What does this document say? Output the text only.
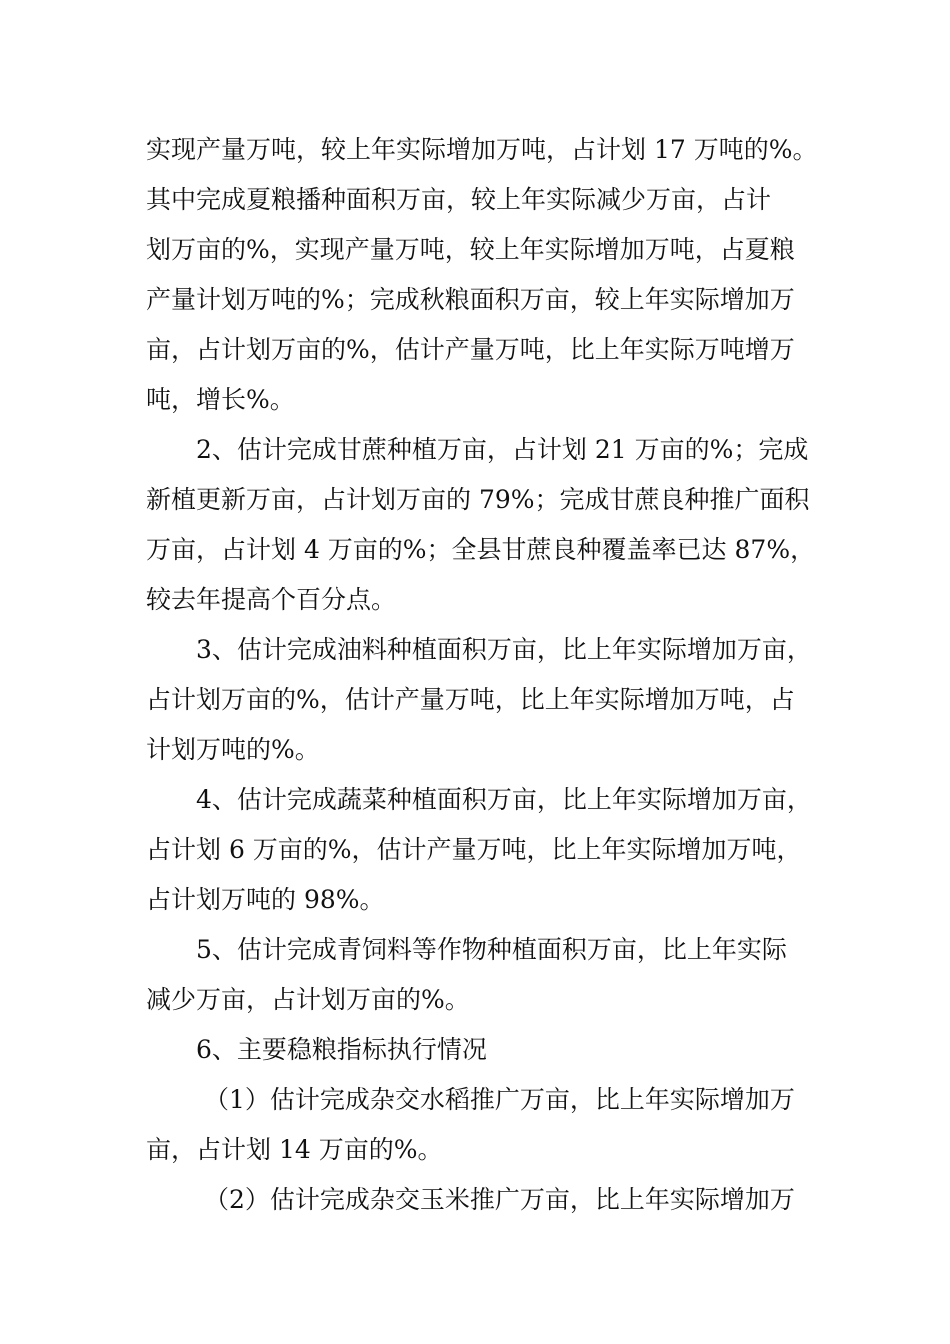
实现产量万吨，较上年实际增加万吨，占计划 17 万吨的%。
其中完成夏粮播种面积万亩，较上年实际减少万亩，占计
划万亩的%，实现产量万吨，较上年实际增加万吨，占夏粮
产量计划万吨的%；完成秋粮面积万亩，较上年实际增加万
亩，占计划万亩的%，估计产量万吨，比上年实际万吨增万
吨，增长%。
2、估计完成甘蔗种植万亩，占计划 21 万亩的%；完成
新植更新万亩，占计划万亩的 79%；完成甘蔗良种推广面积
万亩，占计划 4 万亩的%；全县甘蔗良种覆盖率已达 87%，
较去年提高个百分点。
3、估计完成油料种植面积万亩，比上年实际增加万亩，
占计划万亩的%，估计产量万吨，比上年实际增加万吨，占
计划万吨的%。
4、估计完成蔬菜种植面积万亩，比上年实际增加万亩，
占计划 6 万亩的%，估计产量万吨，比上年实际增加万吨，
占计划万吨的 98%。
5、估计完成青饲料等作物种植面积万亩，比上年实际
减少万亩，占计划万亩的%。
6、主要稳粮指标执行情况
（1）估计完成杂交水稻推广万亩，比上年实际增加万
亩，占计划 14 万亩的%。
（2）估计完成杂交玉米推广万亩，比上年实际增加万
